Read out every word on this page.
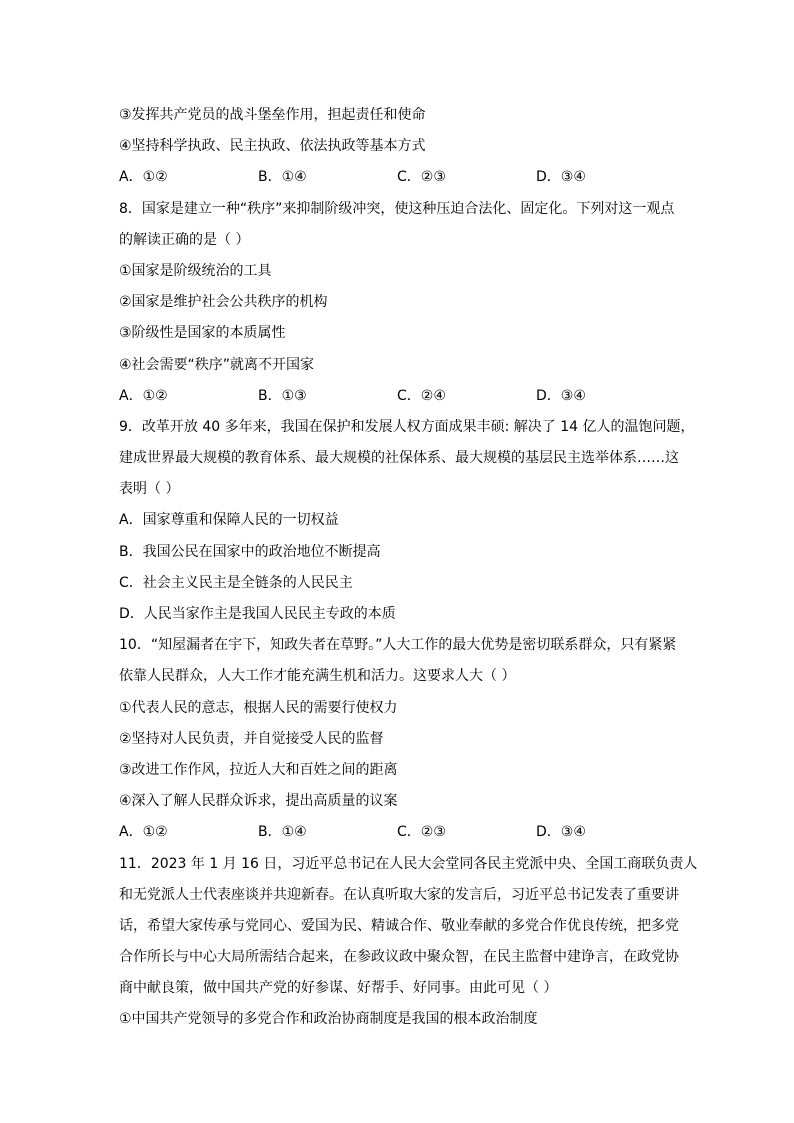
③发挥共产党员的战斗堡垒作用，担起责任和使命
④坚持科学执政、民主执政、依法执政等基本方式
A．①②	B．①④	C．②③	D．③④
8．国家是建立一种“秩序”来抑制阶级冲突，使这种压迫合法化、固定化。下列对这一观点
的解读正确的是（ ）
①国家是阶级统治的工具
②国家是维护社会公共秩序的机构
③阶级性是国家的本质属性
④社会需要“秩序”就离不开国家
A．①②	B．①③	C．②④	D．③④
9．改革开放 40 多年来，我国在保护和发展人权方面成果丰硕: 解决了 14 亿人的温饱问题，
建成世界最大规模的教育体系、最大规模的社保体系、最大规模的基层民主选举体系……这
表明（ ）
A．国家尊重和保障人民的一切权益
B．我国公民在国家中的政治地位不断提高
C．社会主义民主是全链条的人民民主
D．人民当家作主是我国人民民主专政的本质
10．“知屋漏者在宇下，知政失者在草野。”人大工作的最大优势是密切联系群众，只有紧紧
依靠人民群众，人大工作才能充满生机和活力。这要求人大（ ）
①代表人民的意志，根据人民的需要行使权力
②坚持对人民负责，并自觉接受人民的监督
③改进工作作风，拉近人大和百姓之间的距离
④深入了解人民群众诉求，提出高质量的议案
A．①②	B．①④	C．②③	D．③④
11．2023 年 1 月 16 日，习近平总书记在人民大会堂同各民主党派中央、全国工商联负责人
和无党派人士代表座谈并共迎新春。在认真听取大家的发言后，习近平总书记发表了重要讲
话，希望大家传承与党同心、爱国为民、精诚合作、敬业奉献的多党合作优良传统，把多党
合作所长与中心大局所需结合起来，在参政议政中聚众智，在民主监督中建诤言，在政党协
商中献良策，做中国共产党的好参谋、好帮手、好同事。由此可见（ ）
①中国共产党领导的多党合作和政治协商制度是我国的根本政治制度
